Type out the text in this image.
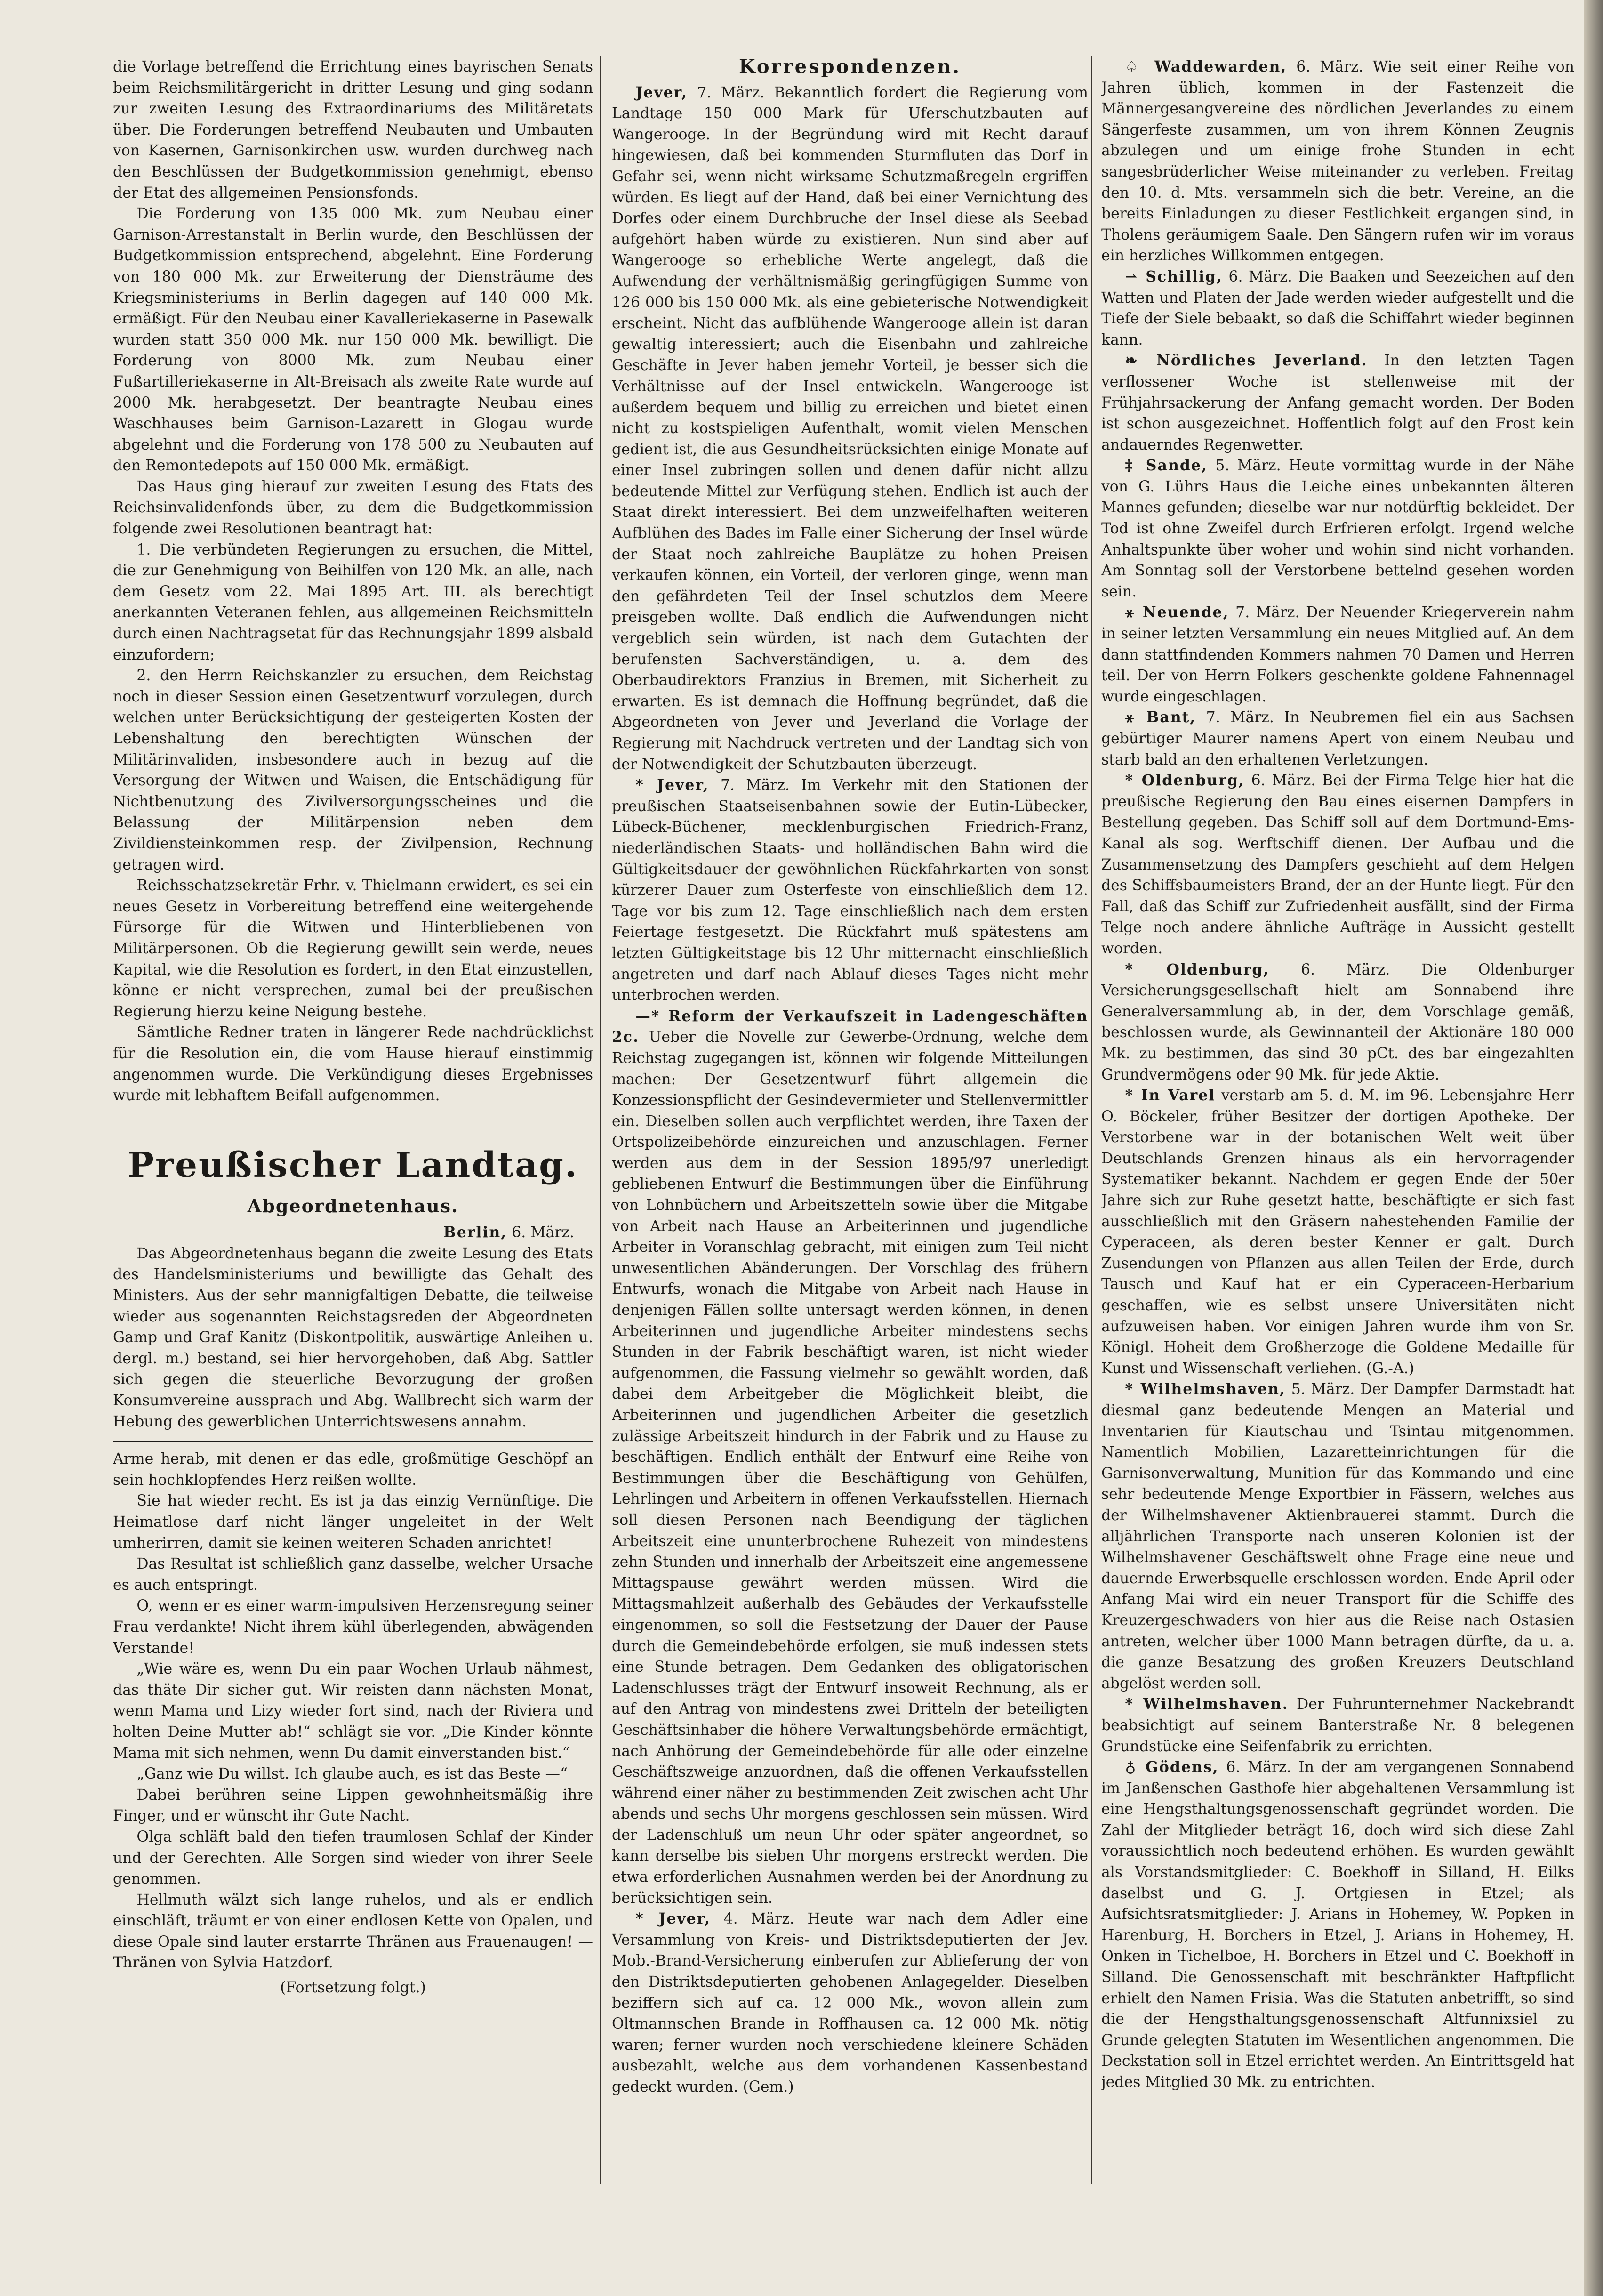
die Vorlage betreffend die Errichtung eines bayrischen Senats beim Reichsmilitärgericht in dritter Lesung und ging sodann zur zweiten Lesung des Extraordinariums des Militäretats über. Die Forderungen betreffend Neubauten und Umbauten von Kasernen, Garnisonkirchen usw. wurden durchweg nach den Beschlüssen der Budgetkommission genehmigt, ebenso der Etat des allgemeinen Pensionsfonds.

Die Forderung von 135 000 Mk. zum Neubau einer Garnison-Arrestanstalt in Berlin wurde, den Beschlüssen der Budgetkommission entsprechend, abgelehnt. Eine Forderung von 180 000 Mk. zur Erweiterung der Diensträume des Kriegsministeriums in Berlin dagegen auf 140 000 Mk. ermäßigt. Für den Neubau einer Kavalleriekaserne in Pasewalk wurden statt 350 000 Mk. nur 150 000 Mk. bewilligt. Die Forderung von 8000 Mk. zum Neubau einer Fußartilleriekaserne in Alt-Breisach als zweite Rate wurde auf 2000 Mk. herabgesetzt. Der beantragte Neubau eines Waschhauses beim Garnison-Lazarett in Glogau wurde abgelehnt und die Forderung von 178 500 zu Neubauten auf den Remontedepots auf 150 000 Mk. ermäßigt.

Das Haus ging hierauf zur zweiten Lesung des Etats des Reichsinvalidenfonds über, zu dem die Budgetkommission folgende zwei Resolutionen beantragt hat:

1. Die verbündeten Regierungen zu ersuchen, die Mittel, die zur Genehmigung von Beihilfen von 120 Mk. an alle, nach dem Gesetz vom 22. Mai 1895 Art. III. als berechtigt anerkannten Veteranen fehlen, aus allgemeinen Reichsmitteln durch einen Nachtragsetat für das Rechnungsjahr 1899 alsbald einzufordern;

2. den Herrn Reichskanzler zu ersuchen, dem Reichstag noch in dieser Session einen Gesetzentwurf vorzulegen, durch welchen unter Berücksichtigung der gesteigerten Kosten der Lebenshaltung den berechtigten Wünschen der Militärinvaliden, insbesondere auch in bezug auf die Versorgung der Witwen und Waisen, die Entschädigung für Nichtbenutzung des Zivilversorgungsscheines und die Belassung der Militärpension neben dem Zivildiensteinkommen resp. der Zivilpension, Rechnung getragen wird.

Reichsschatzsekretär Frhr. v. Thielmann erwidert, es sei ein neues Gesetz in Vorbereitung betreffend eine weitergehende Fürsorge für die Witwen und Hinterbliebenen von Militärpersonen. Ob die Regierung gewillt sein werde, neues Kapital, wie die Resolution es fordert, in den Etat einzustellen, könne er nicht versprechen, zumal bei der preußischen Regierung hierzu keine Neigung bestehe.

Sämtliche Redner traten in längerer Rede nachdrücklichst für die Resolution ein, die vom Hause hierauf einstimmig angenommen wurde. Die Verkündigung dieses Ergebnisses wurde mit lebhaftem Beifall aufgenommen.

Preußischer Landtag.
Abgeordnetenhaus.
Berlin, 6. März.

Das Abgeordnetenhaus begann die zweite Lesung des Etats des Handelsministeriums und bewilligte das Gehalt des Ministers. Aus der sehr mannigfaltigen Debatte, die teilweise wieder aus sogenannten Reichstagsreden der Abgeordneten Gamp und Graf Kanitz (Diskontpolitik, auswärtige Anleihen u. dergl. m.) bestand, sei hier hervorgehoben, daß Abg. Sattler sich gegen die steuerliche Bevorzugung der großen Konsumvereine aussprach und Abg. Wallbrecht sich warm der Hebung des gewerblichen Unterrichtswesens annahm.

Arme herab, mit denen er das edle, großmütige Geschöpf an sein hochklopfendes Herz reißen wollte.

Sie hat wieder recht. Es ist ja das einzig Vernünftige. Die Heimatlose darf nicht länger ungeleitet in der Welt umherirren, damit sie keinen weiteren Schaden anrichtet!

Das Resultat ist schließlich ganz dasselbe, welcher Ursache es auch entspringt.

O, wenn er es einer warm-impulsiven Herzensregung seiner Frau verdankte! Nicht ihrem kühl überlegenden, abwägenden Verstande!

„Wie wäre es, wenn Du ein paar Wochen Urlaub nähmest, das thäte Dir sicher gut. Wir reisten dann nächsten Monat, wenn Mama und Lizy wieder fort sind, nach der Riviera und holten Deine Mutter ab!“ schlägt sie vor. „Die Kinder könnte Mama mit sich nehmen, wenn Du damit einverstanden bist.“

„Ganz wie Du willst. Ich glaube auch, es ist das Beste —“

Dabei berühren seine Lippen gewohnheitsmäßig ihre Finger, und er wünscht ihr Gute Nacht.

Olga schläft bald den tiefen traumlosen Schlaf der Kinder und der Gerechten. Alle Sorgen sind wieder von ihrer Seele genommen.

Hellmuth wälzt sich lange ruhelos, und als er endlich einschläft, träumt er von einer endlosen Kette von Opalen, und diese Opale sind lauter erstarrte Thränen aus Frauenaugen! — Thränen von Sylvia Hatzdorf.

(Fortsetzung folgt.)
Korrespondenzen.

Jever, 7. März. Bekanntlich fordert die Regierung vom Landtage 150 000 Mark für Uferschutzbauten auf Wangerooge. In der Begründung wird mit Recht darauf hingewiesen, daß bei kommenden Sturmfluten das Dorf in Gefahr sei, wenn nicht wirksame Schutzmaßregeln ergriffen würden. Es liegt auf der Hand, daß bei einer Vernichtung des Dorfes oder einem Durchbruche der Insel diese als Seebad aufgehört haben würde zu existieren. Nun sind aber auf Wangerooge so erhebliche Werte angelegt, daß die Aufwendung der verhältnismäßig geringfügigen Summe von 126 000 bis 150 000 Mk. als eine gebieterische Notwendigkeit erscheint. Nicht das aufblühende Wangerooge allein ist daran gewaltig interessiert; auch die Eisenbahn und zahlreiche Geschäfte in Jever haben jemehr Vorteil, je besser sich die Verhältnisse auf der Insel entwickeln. Wangerooge ist außerdem bequem und billig zu erreichen und bietet einen nicht zu kostspieligen Aufenthalt, womit vielen Menschen gedient ist, die aus Gesundheitsrücksichten einige Monate auf einer Insel zubringen sollen und denen dafür nicht allzu bedeutende Mittel zur Verfügung stehen. Endlich ist auch der Staat direkt interessiert. Bei dem unzweifelhaften weiteren Aufblühen des Bades im Falle einer Sicherung der Insel würde der Staat noch zahlreiche Bauplätze zu hohen Preisen verkaufen können, ein Vorteil, der verloren ginge, wenn man den gefährdeten Teil der Insel schutzlos dem Meere preisgeben wollte. Daß endlich die Aufwendungen nicht vergeblich sein würden, ist nach dem Gutachten der berufensten Sachverständigen, u. a. dem des Oberbaudirektors Franzius in Bremen, mit Sicherheit zu erwarten. Es ist demnach die Hoffnung begründet, daß die Abgeordneten von Jever und Jeverland die Vorlage der Regierung mit Nachdruck vertreten und der Landtag sich von der Notwendigkeit der Schutzbauten überzeugt.

* Jever, 7. März. Im Verkehr mit den Stationen der preußischen Staatseisenbahnen sowie der Eutin-Lübecker, Lübeck-Büchener, mecklenburgischen Friedrich-Franz, niederländischen Staats- und holländischen Bahn wird die Gültigkeitsdauer der gewöhnlichen Rückfahrkarten von sonst kürzerer Dauer zum Osterfeste von einschließlich dem 12. Tage vor bis zum 12. Tage einschließlich nach dem ersten Feiertage festgesetzt. Die Rückfahrt muß spätestens am letzten Gültigkeitstage bis 12 Uhr mitternacht einschließlich angetreten und darf nach Ablauf dieses Tages nicht mehr unterbrochen werden.

—* Reform der Verkaufszeit in Ladengeschäften 2c. Ueber die Novelle zur Gewerbe-Ordnung, welche dem Reichstag zugegangen ist, können wir folgende Mitteilungen machen: Der Gesetzentwurf führt allgemein die Konzessionspflicht der Gesindevermieter und Stellenvermittler ein. Dieselben sollen auch verpflichtet werden, ihre Taxen der Ortspolizeibehörde einzureichen und anzuschlagen. Ferner werden aus dem in der Session 1895/97 unerledigt gebliebenen Entwurf die Bestimmungen über die Einführung von Lohnbüchern und Arbeitszetteln sowie über die Mitgabe von Arbeit nach Hause an Arbeiterinnen und jugendliche Arbeiter in Voranschlag gebracht, mit einigen zum Teil nicht unwesentlichen Abänderungen. Der Vorschlag des frühern Entwurfs, wonach die Mitgabe von Arbeit nach Hause in denjenigen Fällen sollte untersagt werden können, in denen Arbeiterinnen und jugendliche Arbeiter mindestens sechs Stunden in der Fabrik beschäftigt waren, ist nicht wieder aufgenommen, die Fassung vielmehr so gewählt worden, daß dabei dem Arbeitgeber die Möglichkeit bleibt, die Arbeiterinnen und jugendlichen Arbeiter die gesetzlich zulässige Arbeitszeit hindurch in der Fabrik und zu Hause zu beschäftigen. Endlich enthält der Entwurf eine Reihe von Bestimmungen über die Beschäftigung von Gehülfen, Lehrlingen und Arbeitern in offenen Verkaufsstellen. Hiernach soll diesen Personen nach Beendigung der täglichen Arbeitszeit eine ununterbrochene Ruhezeit von mindestens zehn Stunden und innerhalb der Arbeitszeit eine angemessene Mittagspause gewährt werden müssen. Wird die Mittagsmahlzeit außerhalb des Gebäudes der Verkaufsstelle eingenommen, so soll die Festsetzung der Dauer der Pause durch die Gemeindebehörde erfolgen, sie muß indessen stets eine Stunde betragen. Dem Gedanken des obligatorischen Ladenschlusses trägt der Entwurf insoweit Rechnung, als er auf den Antrag von mindestens zwei Dritteln der beteiligten Geschäftsinhaber die höhere Verwaltungsbehörde ermächtigt, nach Anhörung der Gemeindebehörde für alle oder einzelne Geschäftszweige anzuordnen, daß die offenen Verkaufsstellen während einer näher zu bestimmenden Zeit zwischen acht Uhr abends und sechs Uhr morgens geschlossen sein müssen. Wird der Ladenschluß um neun Uhr oder später angeordnet, so kann derselbe bis sieben Uhr morgens erstreckt werden. Die etwa erforderlichen Ausnahmen werden bei der Anordnung zu berücksichtigen sein.

* Jever, 4. März. Heute war nach dem Adler eine Versammlung von Kreis- und Distriktsdeputierten der Jev. Mob.-Brand-Versicherung einberufen zur Ablieferung der von den Distriktsdeputierten gehobenen Anlagegelder. Dieselben beziffern sich auf ca. 12 000 Mk., wovon allein zum Oltmannschen Brande in Roffhausen ca. 12 000 Mk. nötig waren; ferner wurden noch verschiedene kleinere Schäden ausbezahlt, welche aus dem vorhandenen Kassenbestand gedeckt wurden. (Gem.)

♤ Waddewarden, 6. März. Wie seit einer Reihe von Jahren üblich, kommen in der Fastenzeit die Männergesangvereine des nördlichen Jeverlandes zu einem Sängerfeste zusammen, um von ihrem Können Zeugnis abzulegen und um einige frohe Stunden in echt sangesbrüderlicher Weise miteinander zu verleben. Freitag den 10. d. Mts. versammeln sich die betr. Vereine, an die bereits Einladungen zu dieser Festlichkeit ergangen sind, in Tholens geräumigem Saale. Den Sängern rufen wir im voraus ein herzliches Willkommen entgegen.

⇀ Schillig, 6. März. Die Baaken und Seezeichen auf den Watten und Platen der Jade werden wieder aufgestellt und die Tiefe der Siele bebaakt, so daß die Schiffahrt wieder beginnen kann.

❧ Nördliches Jeverland. In den letzten Tagen verflossener Woche ist stellenweise mit der Frühjahrsackerung der Anfang gemacht worden. Der Boden ist schon ausgezeichnet. Hoffentlich folgt auf den Frost kein andauerndes Regenwetter.

‡ Sande, 5. März. Heute vormittag wurde in der Nähe von G. Lührs Haus die Leiche eines unbekannten älteren Mannes gefunden; dieselbe war nur notdürftig bekleidet. Der Tod ist ohne Zweifel durch Erfrieren erfolgt. Irgend welche Anhaltspunkte über woher und wohin sind nicht vorhanden. Am Sonntag soll der Verstorbene bettelnd gesehen worden sein.

⚹ Neuende, 7. März. Der Neuender Kriegerverein nahm in seiner letzten Versammlung ein neues Mitglied auf. An dem dann stattfindenden Kommers nahmen 70 Damen und Herren teil. Der von Herrn Folkers geschenkte goldene Fahnennagel wurde eingeschlagen.

⚹ Bant, 7. März. In Neubremen fiel ein aus Sachsen gebürtiger Maurer namens Apert von einem Neubau und starb bald an den erhaltenen Verletzungen.

* Oldenburg, 6. März. Bei der Firma Telge hier hat die preußische Regierung den Bau eines eisernen Dampfers in Bestellung gegeben. Das Schiff soll auf dem Dortmund-Ems-Kanal als sog. Werftschiff dienen. Der Aufbau und die Zusammensetzung des Dampfers geschieht auf dem Helgen des Schiffsbaumeisters Brand, der an der Hunte liegt. Für den Fall, daß das Schiff zur Zufriedenheit ausfällt, sind der Firma Telge noch andere ähnliche Aufträge in Aussicht gestellt worden.

* Oldenburg, 6. März. Die Oldenburger Versicherungsgesellschaft hielt am Sonnabend ihre Generalversammlung ab, in der, dem Vorschlage gemäß, beschlossen wurde, als Gewinnanteil der Aktionäre 180 000 Mk. zu bestimmen, das sind 30 pCt. des bar eingezahlten Grundvermögens oder 90 Mk. für jede Aktie.

* In Varel verstarb am 5. d. M. im 96. Lebensjahre Herr O. Böckeler, früher Besitzer der dortigen Apotheke. Der Verstorbene war in der botanischen Welt weit über Deutschlands Grenzen hinaus als ein hervorragender Systematiker bekannt. Nachdem er gegen Ende der 50er Jahre sich zur Ruhe gesetzt hatte, beschäftigte er sich fast ausschließlich mit den Gräsern nahestehenden Familie der Cyperaceen, als deren bester Kenner er galt. Durch Zusendungen von Pflanzen aus allen Teilen der Erde, durch Tausch und Kauf hat er ein Cyperaceen-Herbarium geschaffen, wie es selbst unsere Universitäten nicht aufzuweisen haben. Vor einigen Jahren wurde ihm von Sr. Königl. Hoheit dem Großherzoge die Goldene Medaille für Kunst und Wissenschaft verliehen. (G.-A.)

* Wilhelmshaven, 5. März. Der Dampfer Darmstadt hat diesmal ganz bedeutende Mengen an Material und Inventarien für Kiautschau und Tsintau mitgenommen. Namentlich Mobilien, Lazaretteinrichtungen für die Garnisonverwaltung, Munition für das Kommando und eine sehr bedeutende Menge Exportbier in Fässern, welches aus der Wilhelmshavener Aktienbrauerei stammt. Durch die alljährlichen Transporte nach unseren Kolonien ist der Wilhelmshavener Geschäftswelt ohne Frage eine neue und dauernde Erwerbsquelle erschlossen worden. Ende April oder Anfang Mai wird ein neuer Transport für die Schiffe des Kreuzergeschwaders von hier aus die Reise nach Ostasien antreten, welcher über 1000 Mann betragen dürfte, da u. a. die ganze Besatzung des großen Kreuzers Deutschland abgelöst werden soll.

* Wilhelmshaven. Der Fuhrunternehmer Nackebrandt beabsichtigt auf seinem Banterstraße Nr. 8 belegenen Grundstücke eine Seifenfabrik zu errichten.

♁ Gödens, 6. März. In der am vergangenen Sonnabend im Janßenschen Gasthofe hier abgehaltenen Versammlung ist eine Hengsthaltungsgenossenschaft gegründet worden. Die Zahl der Mitglieder beträgt 16, doch wird sich diese Zahl voraussichtlich noch bedeutend erhöhen. Es wurden gewählt als Vorstandsmitglieder: C. Boekhoff in Silland, H. Eilks daselbst und G. J. Ortgiesen in Etzel; als Aufsichtsratsmitglieder: J. Arians in Hohemey, W. Popken in Harenburg, H. Borchers in Etzel, J. Arians in Hohemey, H. Onken in Tichelboe, H. Borchers in Etzel und C. Boekhoff in Silland. Die Genossenschaft mit beschränkter Haftpflicht erhielt den Namen Frisia. Was die Statuten anbetrifft, so sind die der Hengsthaltungsgenossenschaft Altfunnixsiel zu Grunde gelegten Statuten im Wesentlichen angenommen. Die Deckstation soll in Etzel errichtet werden. An Eintrittsgeld hat jedes Mitglied 30 Mk. zu entrichten.
